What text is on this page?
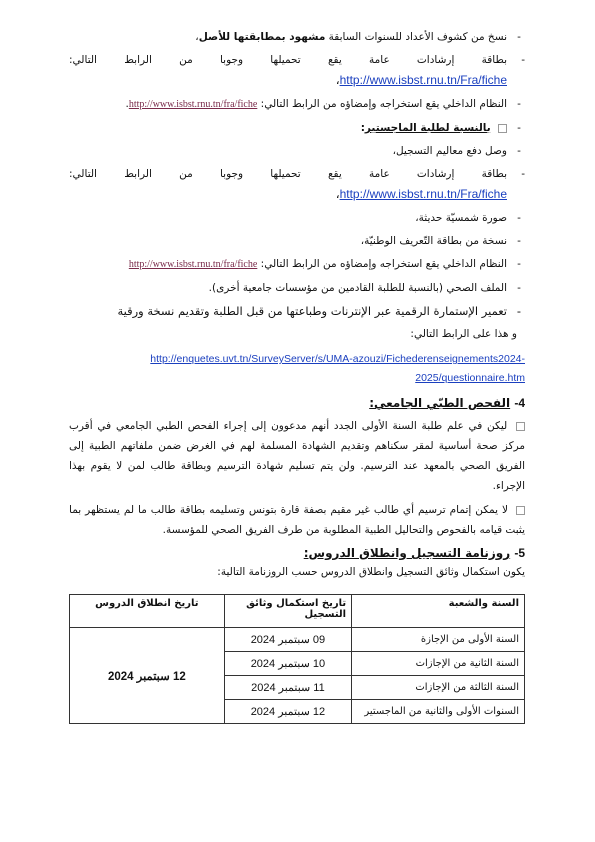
-
نسخ من كشوف الأعداد للسنوات السابقة مشهود بمطابقتها للأصل،
-
بطاقة إرشادات عامة يقع تحميلها وجوبا من الرابط التالي:
،http://www.isbst.rnu.tn/Fra/fiche
-
النظام الداخلي يقع استخراجه وإمضاؤه من الرابط التالي: http://www.isbst.rnu.tn/fra/fiche.
-
بالنسبة لطلبة الماجستير:
-
وصل دفع معاليم التسجيل،
-
بطاقة إرشادات عامة يقع تحميلها وجوبا من الرابط التالي:
،http://www.isbst.rnu.tn/Fra/fiche
-
صورة شمسيّة حديثة،
-
نسخة من بطاقة التّعريف الوطنيّة،
-
النظام الداخلي يقع استخراجه وإمضاؤه من الرابط التالي: http://www.isbst.rnu.tn/fra/fiche
-
الملف الصحي (بالنسبة للطلبة القادمين من مؤسسات جامعية أخرى).
-
تعمير الإستمارة الرقمية عبر الإنترنات وطباعتها من قبل الطلبة وتقديم نسخة ورقية
و هذا على الرابط التالي:
http://enquetes.uvt.tn/SurveyServer/s/UMA-azouzi/Fichederenseignements2024-
2025/questionnaire.htm
4- الفحص الطبّي الجامعي:
ليكن في علم طلبة السنة الأولى الجدد أنهم مدعوون إلى إجراء الفحص الطبي الجامعي في أقرب مركز صحة أساسية لمقر سكناهم وتقديم الشهادة المسلمة لهم في الغرض ضمن ملفاتهم الطبية إلى الفريق الصحي بالمعهد عند الترسيم. ولن يتم تسليم شهادة الترسيم وبطاقة طالب لمن لا يقوم بهذا الإجراء.
لا يمكن إتمام ترسيم أي طالب غير مقيم بصفة قارة بتونس وتسليمه بطاقة طالب ما لم يستظهر بما يثبت قيامه بالفحوص والتحاليل الطبية المطلوبة من طرف الفريق الصحي للمؤسسة.
5- روزنامة التسجيل وانطلاق الدروس:
يكون استكمال وثائق التسجيل وانطلاق الدروس حسب الروزنامة التالية:
السنة والشعبة	تاريخ استكمال وثائق التسجيل	تاريخ انطلاق الدروس
السنة الأولى من الإجازة	09 سبتمبر 2024	12 سبتمبر 2024
السنة الثانية من الإجازات	10 سبتمبر 2024	
السنة الثالثة من الإجازات	11 سبتمبر 2024	
السنوات الأولى والثانية من الماجستير	12 سبتمبر 2024	
